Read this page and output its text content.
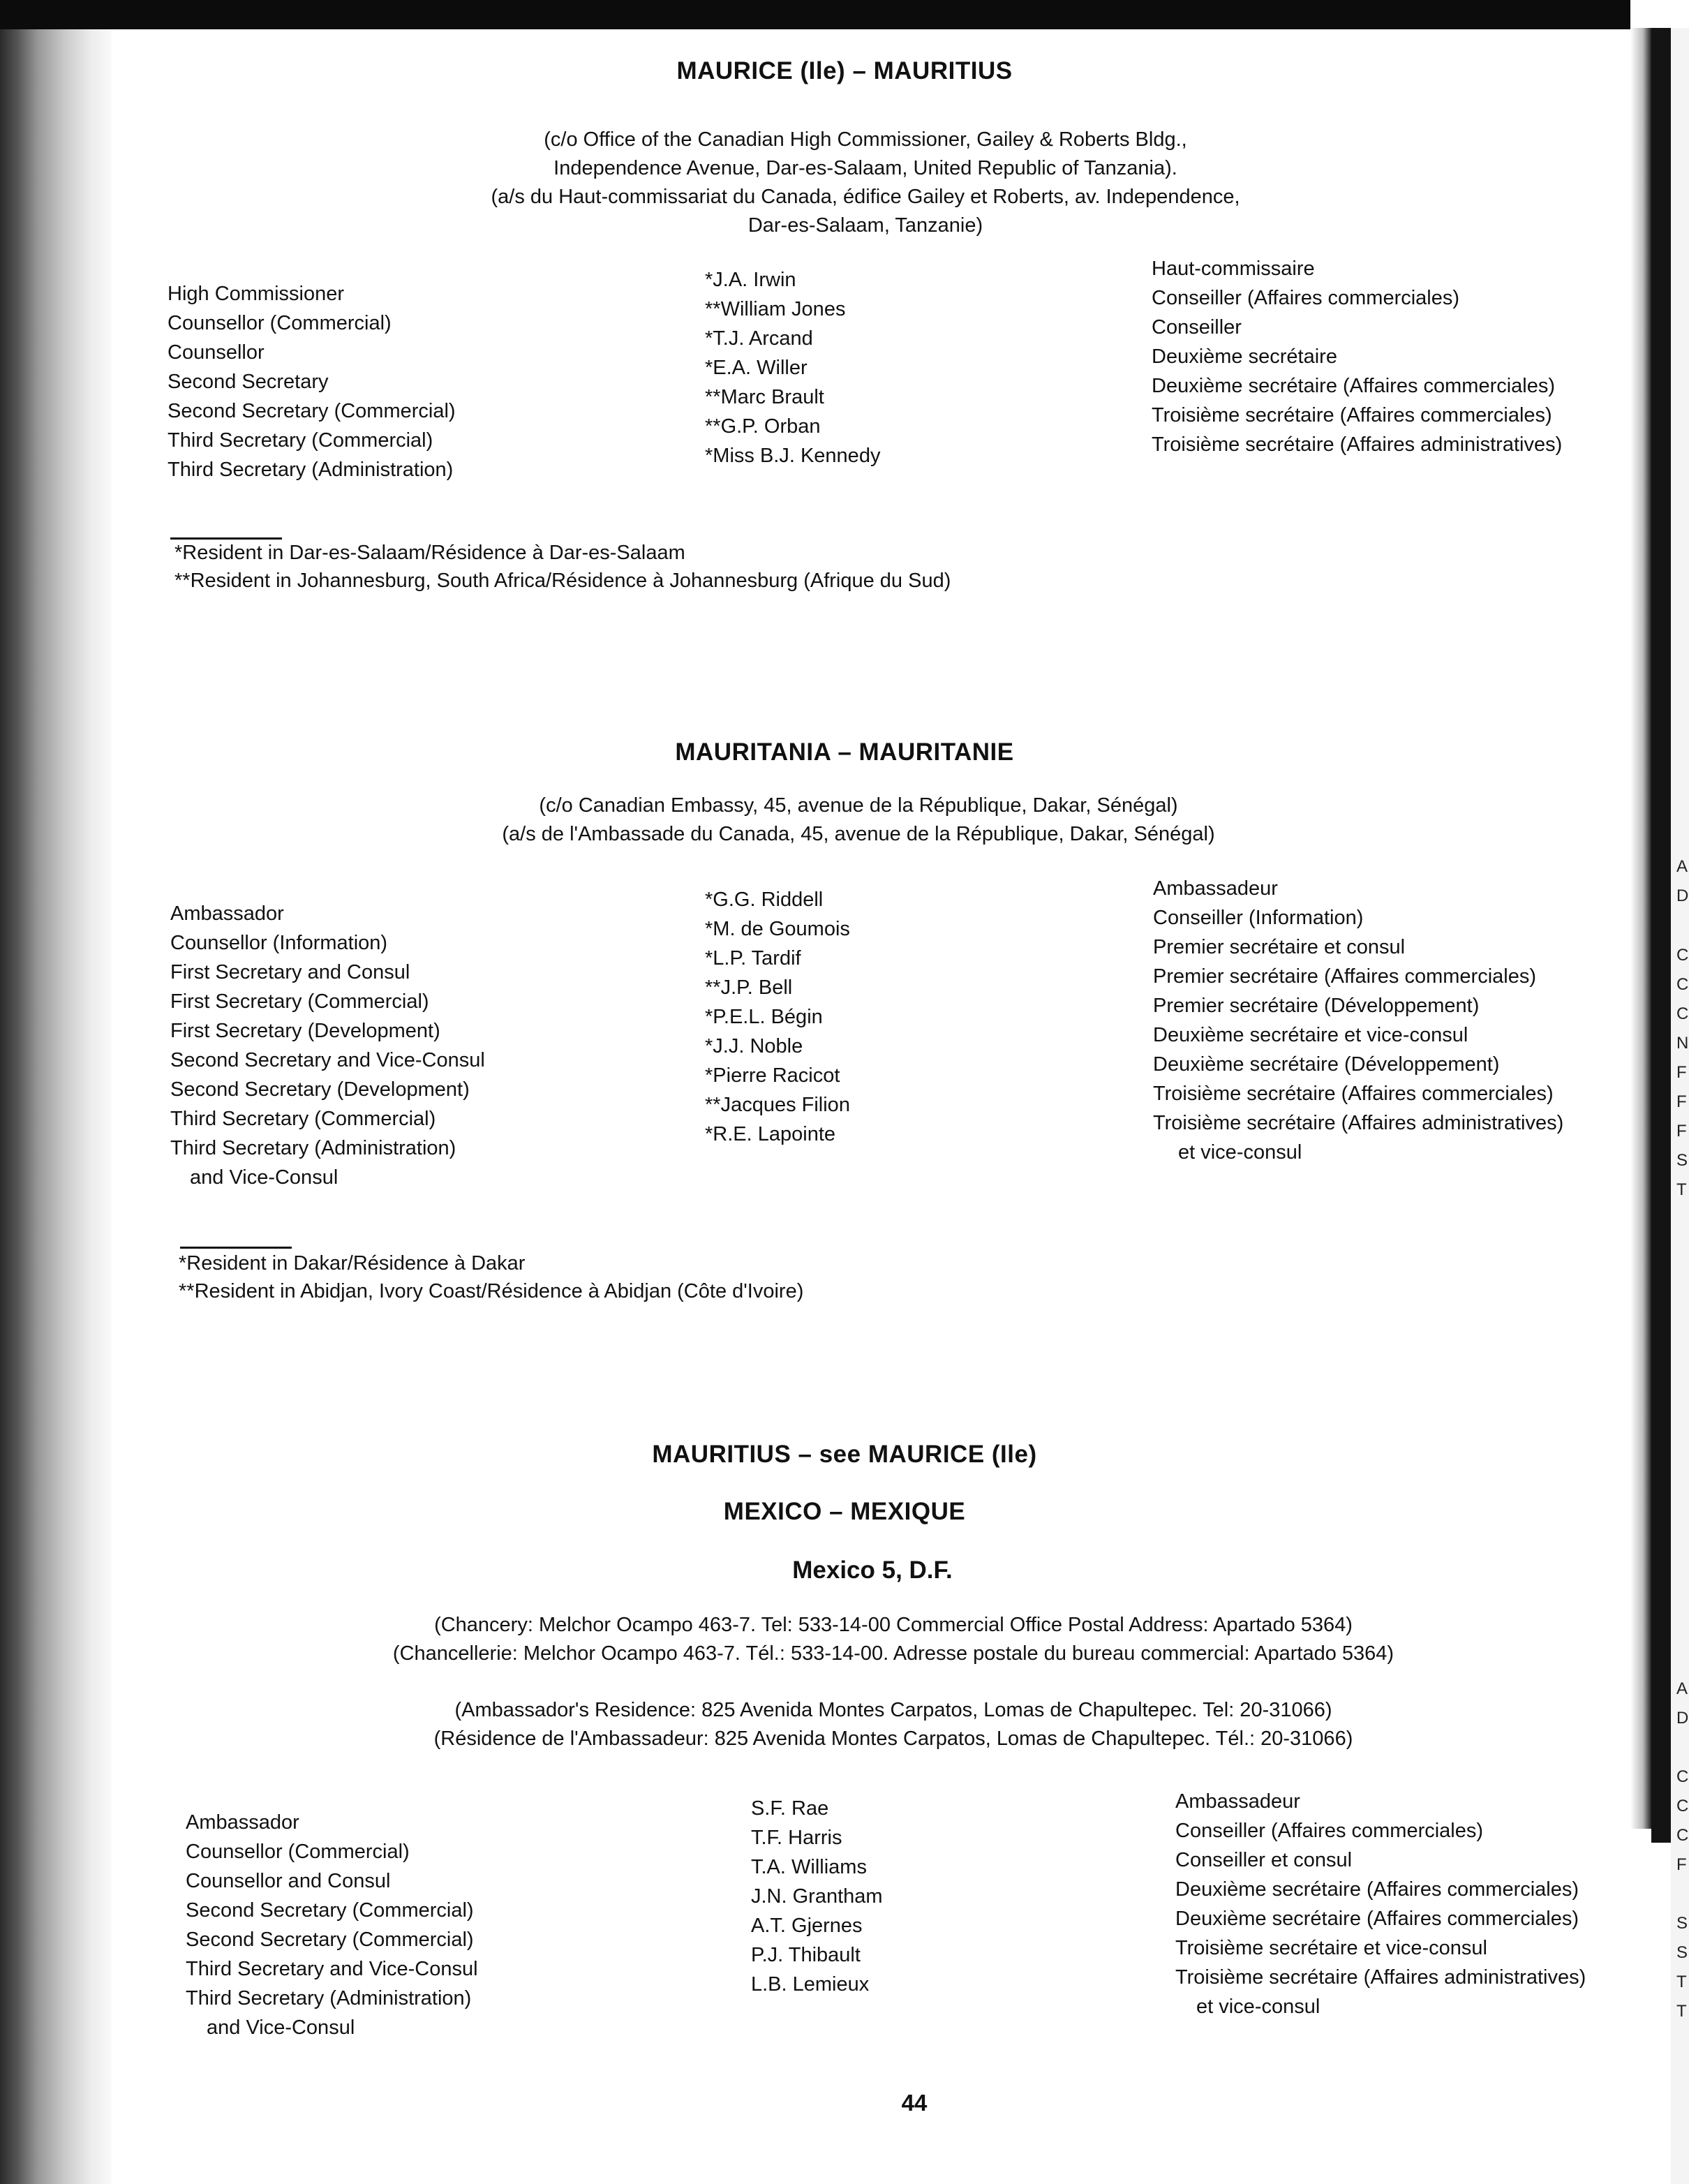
A
D
C
C
C
N
F
F
F
S
T
A
D
C
C
C
F
S
S
T
T
MAURICE (Ile) – MAURITIUS
(c/o Office of the Canadian High Commissioner, Gailey & Roberts Bldg.,
Independence Avenue, Dar-es-Salaam, United Republic of Tanzania).
(a/s du Haut-commissariat du Canada, édifice Gailey et Roberts, av. Independence,
Dar-es-Salaam, Tanzanie)
High Commissioner
Counsellor (Commercial)
Counsellor
Second Secretary
Second Secretary (Commercial)
Third Secretary (Commercial)
Third Secretary (Administration)
*J.A. Irwin
**William Jones
*T.J. Arcand
*E.A. Willer
**Marc Brault
**G.P. Orban
*Miss B.J. Kennedy
Haut-commissaire
Conseiller (Affaires commerciales)
Conseiller
Deuxième secrétaire
Deuxième secrétaire (Affaires commerciales)
Troisième secrétaire (Affaires commerciales)
Troisième secrétaire (Affaires administratives)
*Resident in Dar-es-Salaam/Résidence à Dar-es-Salaam
**Resident in Johannesburg, South Africa/Résidence à Johannesburg (Afrique du Sud)
MAURITANIA – MAURITANIE
(c/o Canadian Embassy, 45, avenue de la République, Dakar, Sénégal)
(a/s de l'Ambassade du Canada, 45, avenue de la République, Dakar, Sénégal)
Ambassador
Counsellor (Information)
First Secretary and Consul
First Secretary (Commercial)
First Secretary (Development)
Second Secretary and Vice-Consul
Second Secretary (Development)
Third Secretary (Commercial)
Third Secretary (Administration)
and Vice-Consul
*G.G. Riddell
*M. de Goumois
*L.P. Tardif
**J.P. Bell
*P.E.L. Bégin
*J.J. Noble
*Pierre Racicot
**Jacques Filion
*R.E. Lapointe
Ambassadeur
Conseiller (Information)
Premier secrétaire et consul
Premier secrétaire (Affaires commerciales)
Premier secrétaire (Développement)
Deuxième secrétaire et vice-consul
Deuxième secrétaire (Développement)
Troisième secrétaire (Affaires commerciales)
Troisième secrétaire (Affaires administratives)
et vice-consul
*Resident in Dakar/Résidence à Dakar
**Resident in Abidjan, Ivory Coast/Résidence à Abidjan (Côte d'Ivoire)
MAURITIUS – see MAURICE (Ile)
MEXICO – MEXIQUE
Mexico 5, D.F.
(Chancery: Melchor Ocampo 463-7. Tel: 533-14-00 Commercial Office Postal Address: Apartado 5364)
(Chancellerie: Melchor Ocampo 463-7. Tél.: 533-14-00. Adresse postale du bureau commercial: Apartado 5364)
(Ambassador's Residence: 825 Avenida Montes Carpatos, Lomas de Chapultepec. Tel: 20-31066)
(Résidence de l'Ambassadeur: 825 Avenida Montes Carpatos, Lomas de Chapultepec. Tél.: 20-31066)
Ambassador
Counsellor (Commercial)
Counsellor and Consul
Second Secretary (Commercial)
Second Secretary (Commercial)
Third Secretary and Vice-Consul
Third Secretary (Administration)
and Vice-Consul
S.F. Rae
T.F. Harris
T.A. Williams
J.N. Grantham
A.T. Gjernes
P.J. Thibault
L.B. Lemieux
Ambassadeur
Conseiller (Affaires commerciales)
Conseiller et consul
Deuxième secrétaire (Affaires commerciales)
Deuxième secrétaire (Affaires commerciales)
Troisième secrétaire et vice-consul
Troisième secrétaire (Affaires administratives)
et vice-consul
44
